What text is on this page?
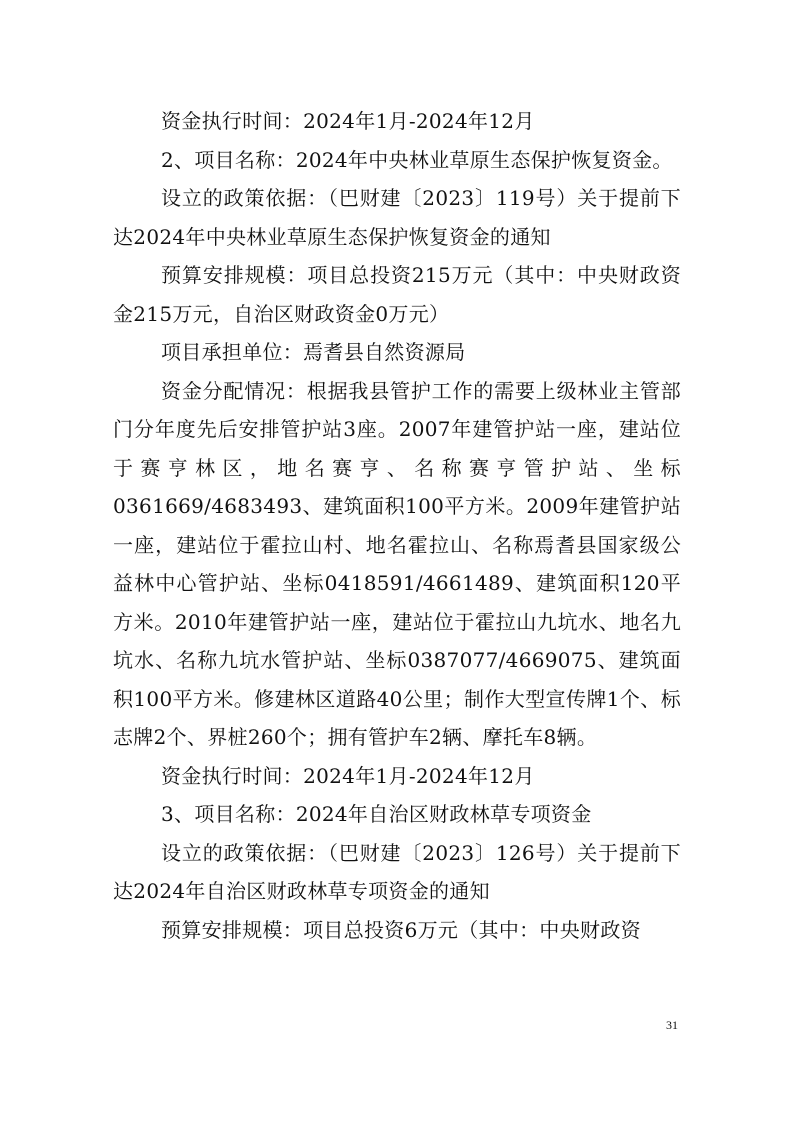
资金执行时间：2024年1月-2024年12月

2、项目名称：2024年中央林业草原生态保护恢复资金。

设立的政策依据：（巴财建〔2023〕119号）关于提前下达2024年中央林业草原生态保护恢复资金的通知

预算安排规模：项目总投资215万元（其中：中央财政资金215万元，自治区财政资金0万元）

项目承担单位：焉耆县自然资源局

资金分配情况：根据我县管护工作的需要上级林业主管部门分年度先后安排管护站3座。2007年建管护站一座，建站位于赛亨林区，地名赛亨、名称赛亨管护站、坐标0361669/4683493、建筑面积100平方米。2009年建管护站一座，建站位于霍拉山村、地名霍拉山、名称焉耆县国家级公益林中心管护站、坐标0418591/4661489、建筑面积120平方米。2010年建管护站一座，建站位于霍拉山九坑水、地名九坑水、名称九坑水管护站、坐标0387077/4669075、建筑面积100平方米。修建林区道路40公里；制作大型宣传牌1个、标志牌2个、界桩260个；拥有管护车2辆、摩托车8辆。

资金执行时间：2024年1月-2024年12月

3、项目名称：2024年自治区财政林草专项资金

设立的政策依据：（巴财建〔2023〕126号）关于提前下达2024年自治区财政林草专项资金的通知

预算安排规模：项目总投资6万元（其中：中央财政资

31
